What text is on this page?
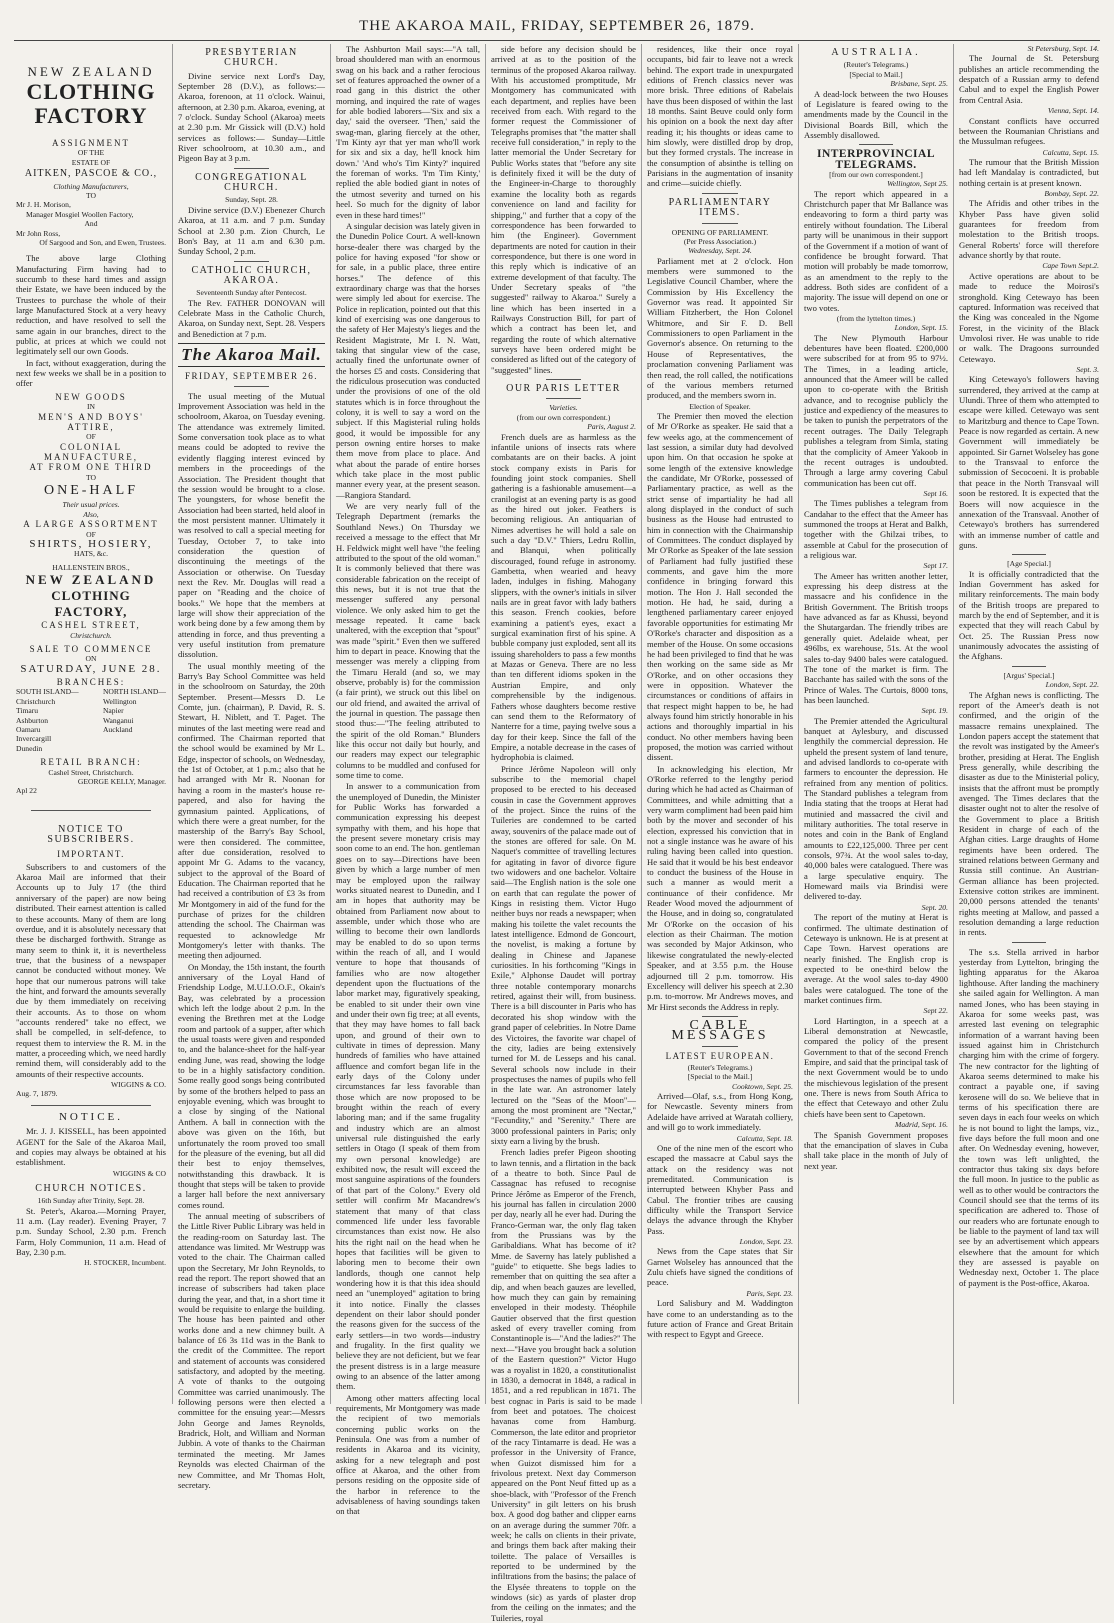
THE AKAROA MAIL, FRIDAY, SEPTEMBER 26, 1879.
NEW ZEALAND
CLOTHING FACTORY
ASSIGNMENT
OF THE
ESTATE OF
AITKEN, PASCOE & CO.,
Clothing Manufacturers,
TO
Mr J. H. Morison,
Manager Mosgiel Woollen Factory,
And
Mr John Ross,
Of Sargood and Son, and Ewen, Trustees.

The above large Clothing Manufacturing Firm having had to succumb to these hard times and assign their Estate, we have been induced by the Trustees to purchase the whole of their large Manufactured Stock at a very heavy reduction, and have resolved to sell the same again in our branches, direct to the public, at prices at which we could not legitimately sell our own Goods.

In fact, without exaggeration, during the next few weeks we shall be in a position to offer

NEW GOODS
IN
MEN'S AND BOYS' ATTIRE,
OF
COLONIAL MANUFACTURE,
AT FROM ONE THIRD
TO
ONE-HALF
Their usual prices.
Also,
A LARGE ASSORTMENT
OF
SHIRTS, HOSIERY,
HATS, &c.
HALLENSTEIN BROS.,
NEW ZEALAND
CLOTHING FACTORY,
CASHEL STREET,
Christchurch.
SALE TO COMMENCE
ON
SATURDAY, JUNE 28.
BRANCHES:
SOUTH ISLAND—
Christchurch
Timaru
Ashburton
Oamaru
Invercargill
Dunedin
NORTH ISLAND—
Wellington
Napier
Wanganui
Auckland
RETAIL BRANCH:
Cashel Street, Christchurch.
GEORGE KELLY, Manager.
Apl 22
NOTICE TO SUBSCRIBERS.
IMPORTANT.

Subscribers to and customers of the Akaroa Mail are informed that their Accounts up to July 17 (the third anniversary of the paper) are now being distributed. Their earnest attention is called to these accounts. Many of them are long overdue, and it is absolutely necessary that these be discharged forthwith. Strange as many seem to think it, it is nevertheless true, that the business of a newspaper cannot be conducted without money. We hope that our numerous patrons will take the hint, and forward the amounts severally due by them immediately on receiving their accounts. As to those on whom "accounts rendered" take no effect, we shall be compelled, in self-defence, to request them to interview the R. M. in the matter, a proceeding which, we need hardly remind them, will considerably add to the amounts of their respective accounts.

WIGGINS & CO.
Aug. 7, 1879.
NOTICE.

Mr. J. J. KISSELL, has been appointed AGENT for the Sale of the Akaroa Mail, and copies may always be obtained at his establishment.

WIGGINS & CO
CHURCH NOTICES.
16th Sunday after Trinity, Sept. 28.

St. Peter's, Akaroa.—Morning Prayer, 11 a.m. (Lay reader). Evening Prayer, 7 p.m. Sunday School, 2.30 p.m. French Farm, Holy Communion, 11 a.m. Head of Bay, 2.30 p.m.

H. STOCKER, Incumbent.
PRESBYTERIAN CHURCH.

Divine service next Lord's Day, September 28 (D.V.), as follows:— Akaroa, forenoon, at 11 o'clock. Wainui, afternoon, at 2.30 p.m. Akaroa, evening, at 7 o'clock. Sunday School (Akaroa) meets at 2.30 p.m. Mr Gissick will (D.V.) hold services as follows:— Sunday—Little River schoolroom, at 10.30 a.m., and Pigeon Bay at 3 p.m.

CONGREGATIONAL CHURCH.
Sunday, Sept. 28.

Divine service (D.V.) Ebenezer Church Akaroa, at 11 a.m. and 7 p.m. Sunday School at 2.30 p.m. Zion Church, Le Bon's Bay, at 11 a.m and 6.30 p.m. Sunday School, 2 p.m.

CATHOLIC CHURCH, AKAROA.
Seventeenth Sunday after Pentecost.

The Rev. FATHER DONOVAN will Celebrate Mass in the Catholic Church, Akaroa, on Sunday next, Sept. 28. Vespers and Benediction at 7 p.m.

The Akaroa Mail.
FRIDAY, SEPTEMBER 26.

The usual meeting of the Mutual Improvement Association was held in the schoolroom, Akaroa, on Tuesday evening. The attendance was extremely limited. Some conversation took place as to what means could be adopted to revive the evidently flagging interest evinced by members in the proceedings of the Association. The President thought that the session would be brought to a close. The youngsters, for whose benefit the Association had been started, held aloof in the most persistent manner. Ultimately it was resolved to call a special meeting for Tuesday, October 7, to take into consideration the question of discontinuing the meetings of the Association or otherwise. On Tuesday next the Rev. Mr. Douglas will read a paper on "Reading and the choice of books." We hope that the members at large will show their appreciation of the work being done by a few among them by attending in force, and thus preventing a very useful institution from premature dissolution.

The usual monthly meeting of the Barry's Bay School Committee was held in the schoolroom on Saturday, the 20th September. Present—Messrs D. Le Comte, jun. (chairman), P. David, R. S. Stewart, H. Niblett, and T. Paget. The minutes of the last meeting were read and confirmed. The Chairman reported that the school would be examined by Mr L. Edge, inspector of schools, on Wednesday, the 1st of October, at 1 p.m.; also that he had arranged with Mr R. Noonan for having a room in the master's house re-papered, and also for having the gymnasium painted. Applications, of which there were a great number, for the mastership of the Barry's Bay School, were then considered. The committee, after due consideration, resolved to appoint Mr G. Adams to the vacancy, subject to the approval of the Board of Education. The Chairman reported that he had received a contribution of £3 3s from Mr Montgomery in aid of the fund for the purchase of prizes for the children attending the school. The Chairman was requested to acknowledge Mr Montgomery's letter with thanks. The meeting then adjourned.

On Monday, the 15th instant, the fourth anniversary of the Loyal Hand of Friendship Lodge, M.U.I.O.O.F., Okain's Bay, was celebrated by a procession which left the lodge about 2 p.m. In the evening the Brethren met at the Lodge room and partook of a supper, after which the usual toasts were given and responded to, and the balance-sheet for the half-year ending June, was read, showing the lodge to be in a highly satisfactory condition. Some really good songs being contributed by some of the brothers helped to pass an enjoyable evening, which was brought to a close by singing of the National Anthem. A ball in connection with the above was given on the 16th, but unfortunately the room proved too small for the pleasure of the evening, but all did their best to enjoy themselves, notwithstanding this drawback. It is thought that steps will be taken to provide a larger hall before the next anniversary comes round.

The annual meeting of subscribers of the Little River Public Library was held in the reading-room on Saturday last. The attendance was limited. Mr Westrupp was voted to the chair. The Chairman called upon the Secretary, Mr John Reynolds, to read the report. The report showed that an increase of subscribers had taken place during the year, and that, in a short time it would be requisite to enlarge the building. The house has been painted and other works done and a new chimney built. A balance of £6 3s 11d was in the Bank to the credit of the Committee. The report and statement of accounts was considered satisfactory, and adopted by the meeting. A vote of thanks to the outgoing Committee was carried unanimously. The following persons were then elected a committee for the ensuing year:—Messrs John George and James Reynolds, Bradrick, Holt, and William and Norman Jubbin. A vote of thanks to the Chairman terminated the meeting. Mr James Reynolds was elected Chairman of the new Committee, and Mr Thomas Holt, secretary.

The Ashburton Mail says:—"A tall, broad shouldered man with an enormous swag on his back and a rather ferocious set of features approached the owner of a road gang in this district the other morning, and inquired the rate of wages for able bodied laborers—'Six and six a day,' said the overseer. 'Then,' said the swag-man, glaring fiercely at the other, 'I'm Kinty ayr that yer man who'll work for six and six a day, he'll knock him down.' 'And who's Tim Kinty?' inquired the foreman of works. 'I'm Tim Kinty,' replied the able bodied giant in notes of the utmost severity and turned on his heel. So much for the dignity of labor even in these hard times!"

A singular decision was lately given in the Dunedin Police Court. A well-known horse-dealer there was charged by the police for having exposed "for show or for sale, in a public place, three entire horses." The defence of this extraordinary charge was that the horses were simply led about for exercise. The Police in replication, pointed out that this kind of exercising was one dangerous to the safety of Her Majesty's lieges and the Resident Magistrate, Mr I. N. Watt, taking that singular view of the case, actually fined the unfortunate owner of the horses £5 and costs. Considering that the ridiculous prosecution was conducted under the provisions of one of the old statutes which is in force throughout the colony, it is well to say a word on the subject. If this Magisterial ruling holds good, it would be impossible for any person owning entire horses to make them move from place to place. And what about the parade of entire horses which take place in the most public manner every year, at the present season.—Rangiora Standard.

We are very nearly full of the Telegraph Department (remarks the Southland News.) On Thursday we received a message to the effect that Mr H. Feldwick might well have "the feeling attributed to the spout of the old woman." It is commonly believed that there was considerable fabrication on the receipt of this news, but it is not true that the messenger suffered any personal violence. We only asked him to get the message repeated. It came back unaltered, with the exception that "spout" was made "spirit." Even then we suffered him to depart in peace. Knowing that the messenger was merely a clipping from the Timaru Herald (and so, we may observe, probably is) for the commission (a fair print), we struck out this libel on our old friend, and awaited the arrival of the journal in question. The passage then stood thus:—"The feeling attributed to the spirit of the old Roman." Blunders like this occur not daily but hourly, and our readers may expect our telegraphic columns to be muddled and confused for some time to come.

In answer to a communication from the unemployed of Dunedin, the Minister for Public Works has forwarded a communication expressing his deepest sympathy with them, and his hope that the present severe monetary crisis may soon come to an end. The hon. gentleman goes on to say—Directions have been given by which a large number of men may be employed upon the railway works situated nearest to Dunedin, and I am in hopes that authority may be obtained from Parliament now about to assemble, under which those who are willing to become their own landlords may be enabled to do so upon terms within the reach of all, and I would venture to hope that thousands of families who are now altogether dependent upon the fluctuations of the labor market may, figuratively speaking, be enabled to sit under their own vine and under their own fig tree; at all events, that they may have homes to fall back upon, and ground of their own to cultivate in times of depression. Many hundreds of families who have attained affluence and comfort began life in the early days of the Colony under circumstances far less favorable than those which are now proposed to be brought within the reach of every laboring man; and if the same frugality and industry which are an almost universal rule distinguished the early settlers in Otago (I speak of them from my own personal knowledge) are exhibited now, the result will exceed the most sanguine aspirations of the founders of that part of the Colony." Every old settler will confirm Mr Macandrew's statement that many of that class commenced life under less favorable circumstances than exist now. He also hits the right nail on the head when he hopes that facilities will be given to laboring men to become their own landlords, though one cannot help wondering how it is that this idea should need an "unemployed" agitation to bring it into notice. Finally the classes dependent on their labor should ponder the reasons given for the success of the early settlers—in two words—industry and frugality. In the first quality we believe they are not deficient, but we fear the present distress is in a large measure owing to an absence of the latter among them.

Among other matters affecting local requirements, Mr Montgomery was made the recipient of two memorials concerning public works on the Peninsula. One was from a number of residents in Akaroa and its vicinity, asking for a new telegraph and post office at Akaroa, and the other from persons residing on the opposite side of the harbor in reference to the advisableness of having soundings taken on that

side before any decision should be arrived at as to the position of the terminus of the proposed Akaroa railway. With his accustomed promptitude, Mr Montgomery has communicated with each department, and replies have been received from each. With regard to the former request the Commissioner of Telegraphs promises that "the matter shall receive full consideration," in reply to the latter memorial the Under Secretary for Public Works states that "before any site is definitely fixed it will be the duty of the Engineer-in-Charge to thoroughly examine the locality both as regards convenience on land and facility for shipping," and further that a copy of the correspondence has been forwarded to him (the Engineer). Government departments are noted for caution in their correspondence, but there is one word in this reply which is indicative of an extreme development of that faculty. The Under Secretary speaks of "the suggested" railway to Akaroa." Surely a line which has been inserted in a Railways Construction Bill, for part of which a contract has been let, and regarding the route of which alternative surveys have been ordered might be considered as lifted out of the category of "suggested" lines.

OUR PARIS LETTER
Varieties.
(from our own correspondent.)
Paris, August 2.

French duels are as harmless as the infantile unions of insects rats where combatants are on their backs. A joint stock company exists in Paris for founding joint stock companies. Shell gathering is a fashionable amusement—a cranilogist at an evening party is as good as the hired out joker. Feathers is becoming religious. An antiquarian of Nimes advertises he will hold a sale on such a day "D.V." Thiers, Ledru Rollin, and Blanqui, when politically discouraged, found refuge in astronomy. Gambetta, when wearied and heavy laden, indulges in fishing. Mahogany slippers, with the owner's initials in silver nails are in great favor with lady bathers this season. French cookies, before examining a patient's eyes, exact a surgical examination first of his spine. A bubble company just exploded, sent all its issuing shareholders to pass a few months at Mazas or Geneva. There are no less than ten different idioms spoken in the Austrian Empire, and only comprehensible by the indigenous. Fathers whose daughters become restive can send them to the Reformatory of Nanterre for a time, paying twelve sous a day for their keep. Since the fall of the Empire, a notable decrease in the cases of hydrophobia is claimed.

Prince Jérôme Napoleon will only subscribe to the memorial chapel proposed to be erected to his deceased cousin in case the Government approves of the project. Since the ruins of the Tuileries are condemned to be carted away, souvenirs of the palace made out of the stones are offered for sale. On M. Naquet's committee of travelling lectures for agitating in favor of divorce figure two widowers and one bachelor. Voltaire said—The English nation is the sole one on earth that can regulate the power of Kings in resisting them. Victor Hugo neither buys nor reads a newspaper; when making his toilette the valet recounts the latest intelligence. Edmond de Goncourt, the novelist, is making a fortune by dealing in Chinese and Japanese curiosities. In his forthcoming "Kings in Exile," Alphonse Daudet will portray three notable contemporary monarchs retired, against their will, from business. There is a bill discounter in Paris who has decorated his shop window with the grand paper of celebrities. In Notre Dame des Victoires, the favorite war chapel of the city, ladies are being extensively turned for M. de Lesseps and his canal. Several schools now include in their prospectuses the names of pupils who fell in the late war. An astronomer lately lectured on the "Seas of the Moon"—among the most prominent are "Nectar," "Fecundity," and "Serenity." There are 3000 professional painters in Paris; only sixty earn a living by the brush.

French ladies prefer Pigeon shooting to lawn tennis, and a flirtation in the back of a theatre to both. Since Paul de Cassagnac has refused to recognise Prince Jérôme as Emperor of the French, his journal has fallen in circulation 2000 per day, nearly all he ever had. During the Franco-German war, the only flag taken from the Prussians was by the Garibaldians. What has become of it? Mme. de Saverny has lately published a "guide" to etiquette. She begs ladies to remember that on quitting the sea after a dip, and when beach gauzes are levelled, how much they can gain by remaining enveloped in their modesty. Théophile Gautier observed that the first question asked of every traveller coming from Constantinople is—"And the ladies?" The next—"Have you brought back a solution of the Eastern question?" Victor Hugo was a royalist in 1820, a constitutionalist in 1830, a democrat in 1848, a radical in 1851, and a red republican in 1871. The best cognac in Paris is said to be made from beet and potatoes. The choicest havanas come from Hamburg. Commerson, the late editor and proprietor of the racy Tintamarre is dead. He was a professor in the University of France, when Guizot dismissed him for a frivolous pretext. Next day Commerson appeared on the Pont Neuf fitted up as a shoe-black, with "Professor of the French University" in gilt letters on his brush box. A good dog bather and clipper earns on an average during the summer 70fr. a week; he calls on clients in their private, and brings them back after making their toilette. The palace of Versailles is reported to be undermined by the infiltrations from the basins; the palace of the Elysée threatens to topple on the windows (sic) as yards of plaster drop from the ceiling on the inmates; and the Tuileries, royal

residences, like their once royal occupants, bid fair to leave not a wreck behind. The export trade in unexpurgated editions of French classics never was more brisk. Three editions of Rabelais have thus been disposed of within the last 18 months. Saint Beuve could only form his opinion on a book the next day after reading it; his thoughts or ideas came to him slowly, were distilled drop by drop, but they formed crystals. The increase in the consumption of absinthe is telling on Parisians in the augmentation of insanity and crime—suicide chiefly.

PARLIAMENTARY ITEMS.
OPENING OF PARLIAMENT.
(Per Press Association.)
Wednesday, Sept. 24.

Parliament met at 2 o'clock. Hon members were summoned to the Legislative Council Chamber, where the Commission by His Excellency the Governor was read. It appointed Sir William Fitzherbert, the Hon Colonel Whitmore, and Sir F. D. Bell Commissioners to open Parliament in the Governor's absence. On returning to the House of Representatives, the proclamation convening Parliament was then read, the roll called, the notifications of the various members returned produced, and the members sworn in.

Election of Speaker.

The Premier then moved the election of Mr O'Rorke as speaker. He said that a few weeks ago, at the commencement of last session, a similar duty had devolved upon him. On that occasion he spoke at some length of the extensive knowledge the candidate, Mr O'Rorke, possessed of Parliamentary practice, as well as the strict sense of impartiality he had all along displayed in the conduct of such business as the House had entrusted to him in connection with the Chairmanship of Committees. The conduct displayed by Mr O'Rorke as Speaker of the late session of Parliament had fully justified these comments, and gave him the more confidence in bringing forward this motion. The Hon J. Hall seconded the motion. He had, he said, during a lengthened parliamentary career enjoyed favorable opportunities for estimating Mr O'Rorke's character and disposition as a member of the House. On some occasions he had been privileged to find that he was then working on the same side as Mr O'Rorke, and on other occasions they were in opposition. Whatever the circumstances or conditions of affairs in that respect might happen to be, he had always found him strictly honorable in his actions and thoroughly impartial in his conduct. No other members having been proposed, the motion was carried without dissent.

In acknowledging his election, Mr O'Rorke referred to the lengthy period during which he had acted as Chairman of Committees, and while admitting that a very warm compliment had been paid him both by the mover and seconder of his election, expressed his conviction that in not a single instance was he aware of his ruling having been called into question. He said that it would be his best endeavor to conduct the business of the House in such a manner as would merit a continuance of their confidence. Mr Reader Wood moved the adjournment of the House, and in doing so, congratulated Mr O'Rorke on the occasion of his election as their Chairman. The motion was seconded by Major Atkinson, who likewise congratulated the newly-elected Speaker, and at 3.55 p.m. the House adjourned till 2 p.m. tomorrow. His Excellency will deliver his speech at 2.30 p.m. to-morrow. Mr Andrews moves, and Mr Hirst seconds the Address in reply.

CABLE MESSAGES
LATEST EUROPEAN.
(Reuter's Telegrams.)
[Special to the Mail.]
Cooktown, Sept. 25.

Arrived—Olaf, s.s., from Hong Kong, for Newcastle. Seventy miners from Adelaide have arrived at Waratah colliery, and will go to work immediately.

Calcutta, Sept. 18.

One of the nine men of the escort who escaped the massacre at Cabul says the attack on the residency was not premeditated. Communication is interrupted between Khyber Pass and Cabul. The frontier tribes are causing difficulty while the Transport Service delays the advance through the Khyber Pass.

London, Sept. 23.

News from the Cape states that Sir Garnet Wolseley has announced that the Zulu chiefs have signed the conditions of peace.

Paris, Sept. 23.

Lord Salisbury and M. Waddington have come to an understanding as to the future action of France and Great Britain with respect to Egypt and Greece.

AUSTRALIA.
(Reuter's Telegrams.)
[Special to Mail.]
Brisbane, Sept. 25.

A dead-lock between the two Houses of Legislature is feared owing to the amendments made by the Council in the Divisional Boards Bill, which the Assembly disallowed.

INTERPROVINCIAL TELEGRAMS.
[from our own correspondent.]
Wellington, Sept 25.

The report which appeared in a Christchurch paper that Mr Ballance was endeavoring to form a third party was entirely without foundation. The Liberal party will be unanimous in their support of the Government if a motion of want of confidence be brought forward. That motion will probably be made tomorrow, as an amendment to the reply to the address. Both sides are confident of a majority. The issue will depend on one or two votes.

(from the lyttelton times.)
London, Sept. 15.

The New Plymouth Harbour debentures have been floated. £200,000 were subscribed for at from 95 to 97½. The Times, in a leading article, announced that the Ameer will be called upon to co-operate with the British advance, and to recognise publicly the justice and expediency of the measures to be taken to punish the perpetrators of the recent outrages. The Daily Telegraph publishes a telegram from Simla, stating that the complicity of Ameer Yakoob in the recent outrages is undoubted. Through a large army covering Cabul communication has been cut off.

Sept 16.

The Times publishes a telegram from Candahar to the effect that the Ameer has summoned the troops at Herat and Balkh, together with the Ghilzai tribes, to assemble at Cabul for the prosecution of a religious war.

Sept 17.

The Ameer has written another letter, expressing his deep distress at the massacre and his confidence in the British Government. The British troops have advanced as far as Khussi, beyond the Shutargardan. The friendly tribes are generally quiet. Adelaide wheat, per 496lbs, ex warehouse, 51s. At the wool sales to-day 9400 bales were catalogued. The tone of the market is firm. The Bacchante has sailed with the sons of the Prince of Wales. The Curtois, 8000 tons, has been launched.

Sept. 19.

The Premier attended the Agricultural banquet at Aylesbury, and discussed lengthily the commercial depression. He upheld the present system of land tenure, and advised landlords to co-operate with farmers to encounter the depression. He refrained from any mention of politics. The Standard publishes a telegram from India stating that the troops at Herat had mutinied and massacred the civil and military authorities. The total reserve in notes and coin in the Bank of England amounts to £22,125,000. Three per cent consols, 97¾. At the wool sales to-day, 40,000 bales were catalogued. There was a large speculative enquiry. The Homeward mails via Brindisi were delivered to-day.

Sept. 20.

The report of the mutiny at Herat is confirmed. The ultimate destination of Cetewayo is unknown. He is at present at Cape Town. Harvest operations are nearly finished. The English crop is expected to be one-third below the average. At the wool sales to-day 4900 bales were catalogued. The tone of the market continues firm.

Sept 22.

Lord Hartington, in a speech at a Liberal demonstration at Newcastle, compared the policy of the present Government to that of the second French Empire, and said that the principal task of the next Government would be to undo the mischievous legislation of the present one. There is news from South Africa to the effect that Cetewayo and other Zulu chiefs have been sent to Capetown.

Madrid, Sept. 16.

The Spanish Government proposes that the emancipation of slaves in Cuba shall take place in the month of July of next year.

St Petersburg, Sept. 14.

The Journal de St. Petersburg publishes an article recommending the despatch of a Russian army to defend Cabul and to expel the English Power from Central Asia.

Vienna, Sept. 14.

Constant conflicts have occurred between the Roumanian Christians and the Mussulman refugees.

Calcutta, Sept. 15.

The rumour that the British Mission had left Mandalay is contradicted, but nothing certain is at present known.

Bombay, Sept. 22.

The Afridis and other tribes in the Khyber Pass have given solid guarantees for freedom from molestation to the British troops. General Roberts' force will therefore advance shortly by that route.

Cape Town Sept.2.

Active operations are about to be made to reduce the Moirosi's stronghold. King Cetewayo has been captured. Information was received that the King was concealed in the Ngome Forest, in the vicinity of the Black Umvolosi river. He was unable to ride or walk. The Dragoons surrounded Cetewayo.

Sept. 3.

King Cetewayo's followers having surrendered, they arrived at the camp at Ulundi. Three of them who attempted to escape were killed. Cetewayo was sent to Maritzburg and thence to Cape Town. Peace is now regarded as certain. A new Government will immediately be appointed. Sir Garnet Wolseley has gone to the Transvaal to enforce the submission of Secocoeni. It is probable that peace in the North Transvaal will soon be restored. It is expected that the Boers will now acquiesce in the annexation of the Transvaal. Another of Cetewayo's brothers has surrendered with an immense number of cattle and guns.

[Age Special.]

It is officially contradicted that the Indian Government has asked for military reinforcements. The main body of the British troops are prepared to march by the end of September, and it is expected that they will reach Cabul by Oct. 25. The Russian Press now unanimously advocates the assisting of the Afghans.

[Argus' Special.]
London, Sept. 22.

The Afghan news is conflicting. The report of the Ameer's death is not confirmed, and the origin of the massacre remains unexplained. The London papers accept the statement that the revolt was instigated by the Ameer's brother, presiding at Herat. The English Press generally, while describing the disaster as due to the Ministerial policy, insists that the affront must be promptly avenged. The Times declares that the disaster ought not to alter the resolve of the Government to place a British Resident in charge of each of the Afghan cities. Large draughts of Home regiments have been ordered. The strained relations between Germany and Russia still continue. An Austrian-German alliance has been projected. Extensive cotton strikes are imminent. 20,000 persons attended the tenants' rights meeting at Mallow, and passed a resolution demanding a large reduction in rents.

The s.s. Stella arrived in harbor yesterday from Lyttelton, bringing the lighting apparatus for the Akaroa lighthouse. After landing the machinery she sailed again for Wellington. A man named Jones, who has been staying in Akaroa for some weeks past, was arrested last evening on telegraphic information of a warrant having been issued against him in Christchurch charging him with the crime of forgery. The new contractor for the lighting of Akaroa seems determined to make his contract a payable one, if saving kerosene will do so. We believe that in terms of his specification there are seven days in each four weeks on which he is not bound to light the lamps, viz., five days before the full moon and one after. On Wednesday evening, however, the town was left unlighted, the contractor thus taking six days before the full moon. In justice to the public as well as to other would be contractors the Council should see that the terms of its specification are adhered to. Those of our readers who are fortunate enough to be liable to the payment of land tax will see by an advertisement which appears elsewhere that the amount for which they are assessed is payable on Wednesday next, October 1. The place of payment is the Post-office, Akaroa.
